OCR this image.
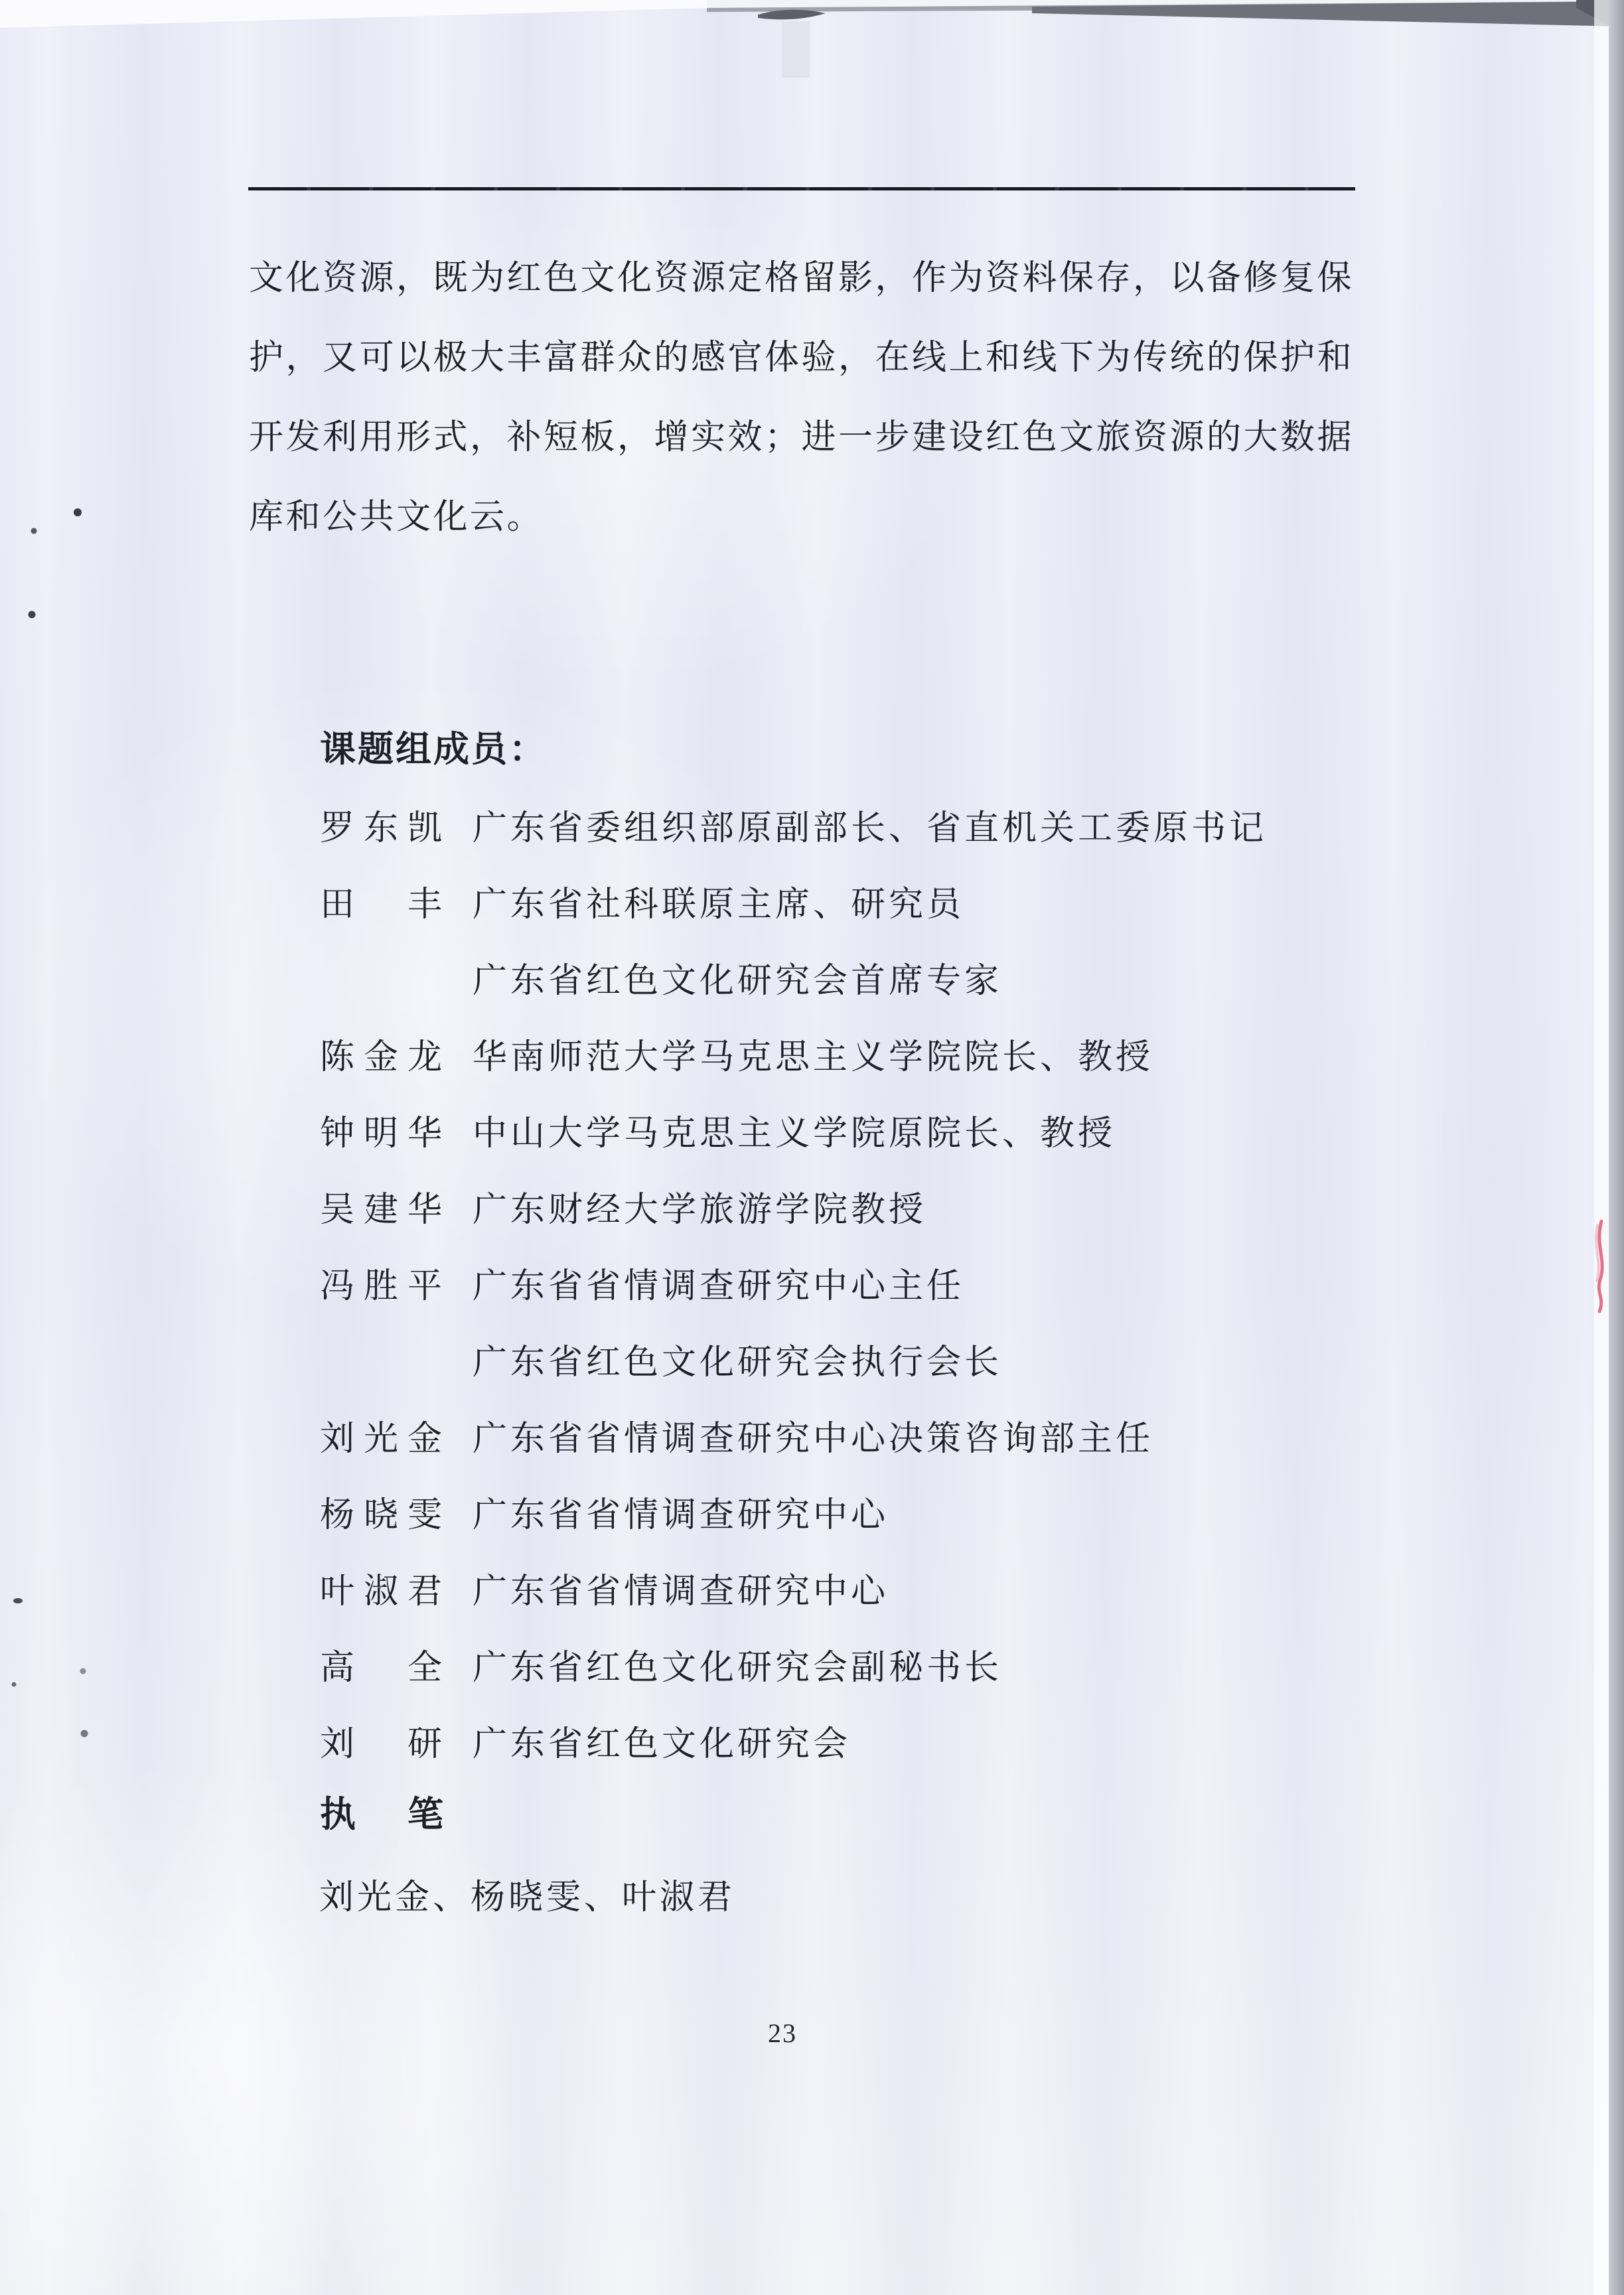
文化资源，既为红色文化资源定格留影，作为资料保存，以备修复保
护，又可以极大丰富群众的感官体验，在线上和线下为传统的保护和
开发利用形式，补短板，增实效；进一步建设红色文旅资源的大数据
库和公共文化云。
课题组成员：
罗东凯 广东省委组织部原副部长、省直机关工委原书记
田　丰 广东省社科联原主席、研究员
广东省红色文化研究会首席专家
陈金龙 华南师范大学马克思主义学院院长、教授
钟明华 中山大学马克思主义学院原院长、教授
吴建华 广东财经大学旅游学院教授
冯胜平 广东省省情调查研究中心主任
广东省红色文化研究会执行会长
刘光金 广东省省情调查研究中心决策咨询部主任
杨晓雯 广东省省情调查研究中心
叶淑君 广东省省情调查研究中心
高　全 广东省红色文化研究会副秘书长
刘　研 广东省红色文化研究会
执　笔
刘光金、杨晓雯、叶淑君
23
